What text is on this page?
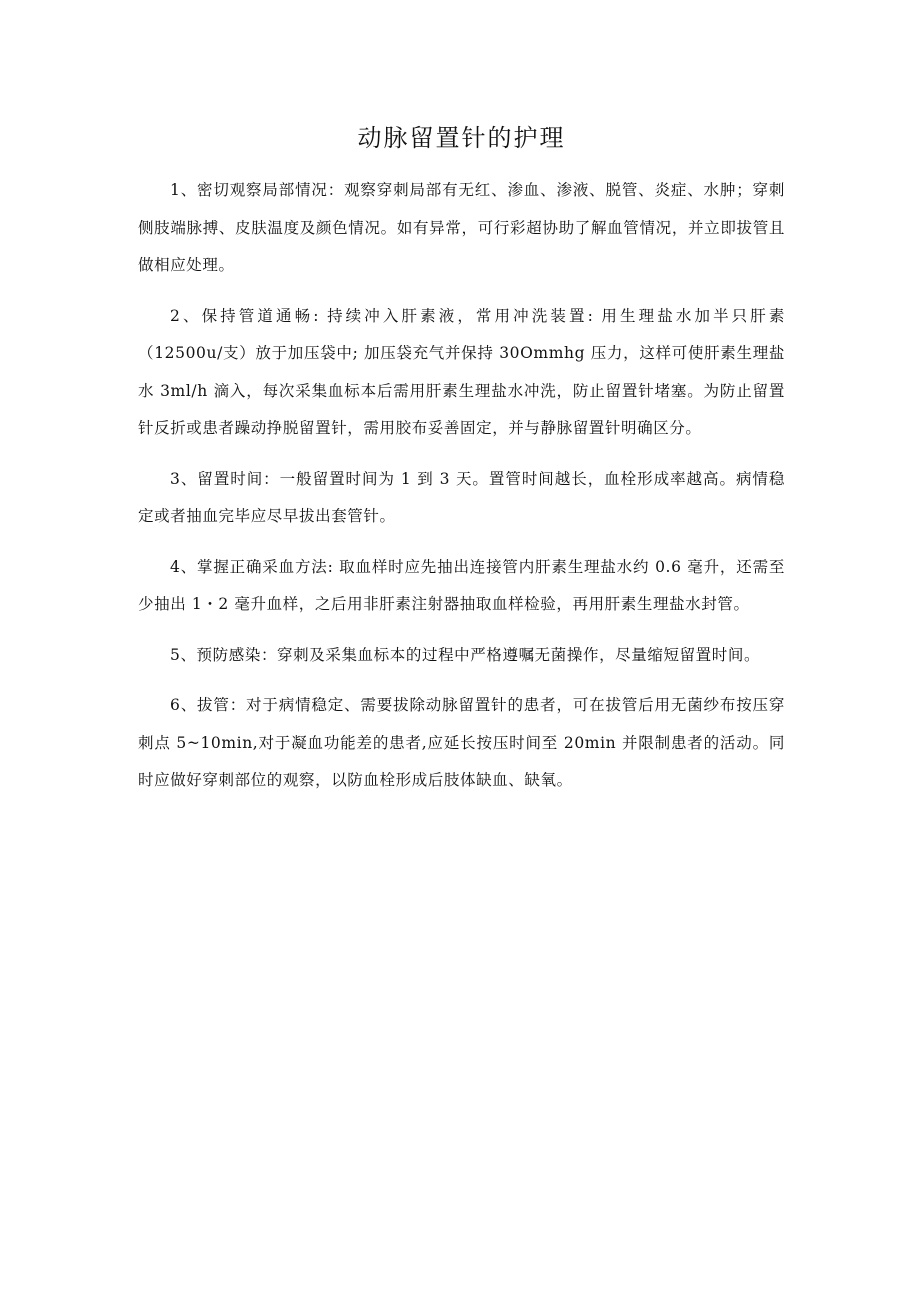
动脉留置针的护理

1、密切观察局部情况：观察穿刺局部有无红、渗血、渗液、脱管、炎症、水肿；穿刺侧肢端脉搏、皮肤温度及颜色情况。如有异常，可行彩超协助了解血管情况，并立即拔管且做相应处理。

2、保持管道通畅: 持续冲入肝素液，常用冲洗装置: 用生理盐水加半只肝素（12500u/支）放于加压袋中; 加压袋充气并保持 30Ommhg 压力，这样可使肝素生理盐水 3ml/h 滴入，每次采集血标本后需用肝素生理盐水冲洗，防止留置针堵塞。为防止留置针反折或患者躁动挣脱留置针，需用胶布妥善固定，并与静脉留置针明确区分。

3、留置时间：一般留置时间为 1 到 3 天。置管时间越长，血栓形成率越高。病情稳定或者抽血完毕应尽早拔出套管针。

4、掌握正确采血方法: 取血样时应先抽出连接管内肝素生理盐水约 0.6 毫升，还需至少抽出 1・2 毫升血样，之后用非肝素注射器抽取血样检验，再用肝素生理盐水封管。

5、预防感染：穿刺及采集血标本的过程中严格遵嘱无菌操作，尽量缩短留置时间。

6、拔管：对于病情稳定、需要拔除动脉留置针的患者，可在拔管后用无菌纱布按压穿刺点 5~10min,对于凝血功能差的患者,应延长按压时间至 20min 并限制患者的活动。同时应做好穿刺部位的观察，以防血栓形成后肢体缺血、缺氧。
